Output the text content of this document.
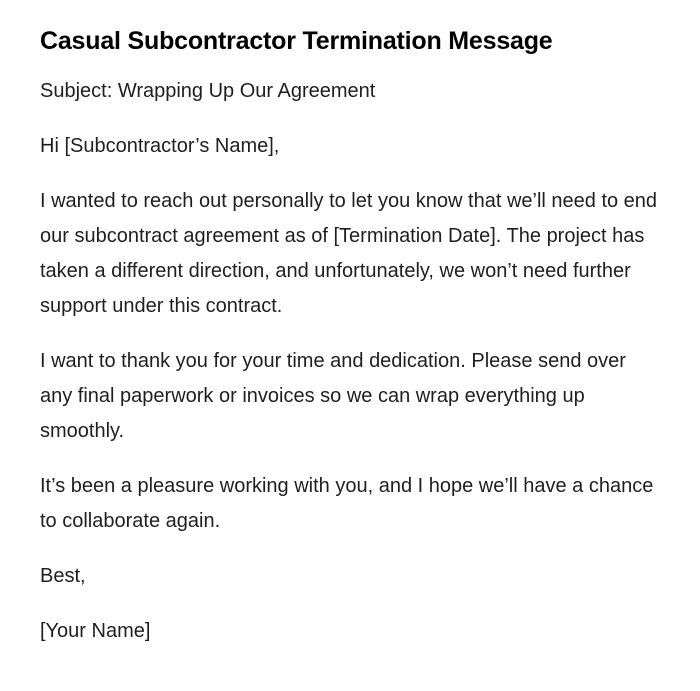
Casual Subcontractor Termination Message

Subject: Wrapping Up Our Agreement

Hi [Subcontractor’s Name],

I wanted to reach out personally to let you know that we’ll need to end our subcontract agreement as of [Termination Date]. The project has taken a different direction, and unfortunately, we won’t need further support under this contract.

I want to thank you for your time and dedication. Please send over any final paperwork or invoices so we can wrap everything up smoothly.

It’s been a pleasure working with you, and I hope we’ll have a chance to collaborate again.

Best,

[Your Name]
